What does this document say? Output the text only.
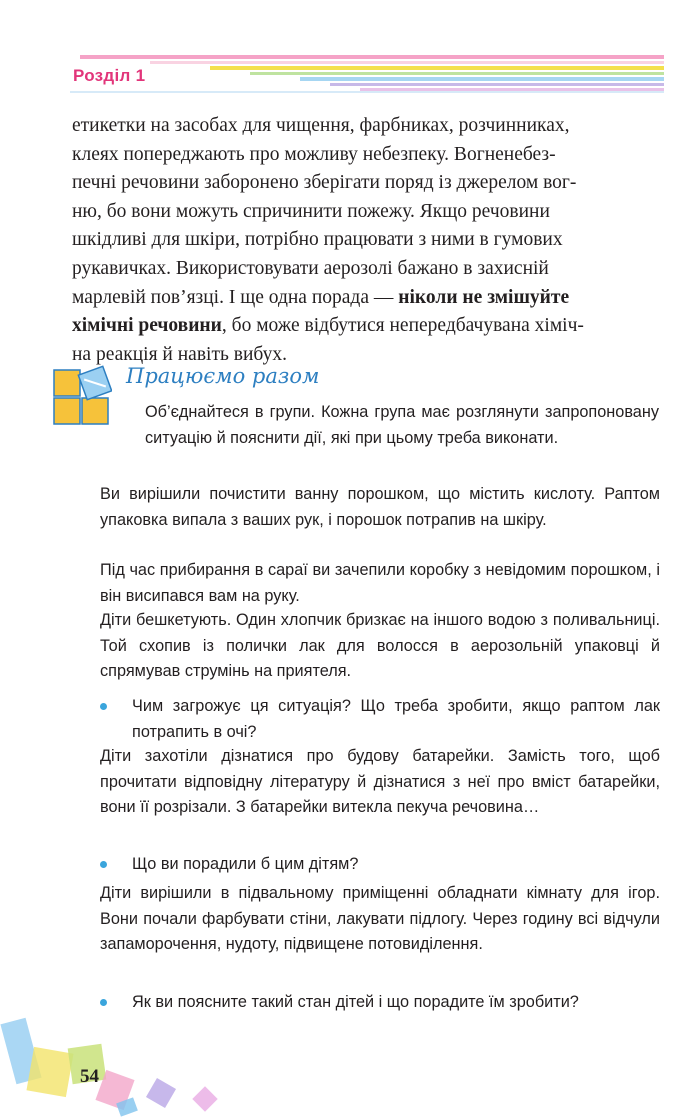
Розділ 1
етикетки на засобах для чищення, фарбниках, розчинниках,
клеях попереджають про можливу небезпеку. Вогненебез-
печні речовини заборонено зберігати поряд із джерелом вог-
ню, бо вони можуть спричинити пожежу. Якщо речовини
шкідливі для шкіри, потрібно працювати з ними в гумових
рукавичках. Використовувати аерозолі бажано в захисній
марлевій пов’язці. І ще одна порада — ніколи не змішуйте
хімічні речовини, бо може відбутися непередбачувана хіміч-
на реакція й навіть вибух.
Працюємо разом
Об’єднайтеся в групи. Кожна група має розглянути запропоновану ситуацію й пояснити дії, які при цьому треба виконати.
Ви вирішили почистити ванну порошком, що містить кислоту. Раптом упаковка випала з ваших рук, і порошок потрапив на шкіру.
Під час прибирання в сараї ви зачепили коробку з невідомим порошком, і він висипався вам на руку.
Діти бешкетують. Один хлопчик бризкає на іншого водою з поливальниці. Той схопив із полички лак для волосся в аерозольній упаковці й спрямував струмінь на приятеля.
Чим загрожує ця ситуація? Що треба зробити, якщо раптом лак потрапить в очі?
Діти захотіли дізнатися про будову батарейки. Замість того, щоб прочитати відповідну літературу й дізнатися з неї про вміст батарейки, вони її розрізали. З батарейки витекла пекуча речовина…
Що ви порадили б цим дітям?
Діти вирішили в підвальному приміщенні обладнати кімнату для ігор. Вони почали фарбувати стіни, лакувати підлогу. Через годину всі відчули запаморочення, нудоту, підвищене потовиділення.
Як ви поясните такий стан дітей і що порадите їм зробити?
54
